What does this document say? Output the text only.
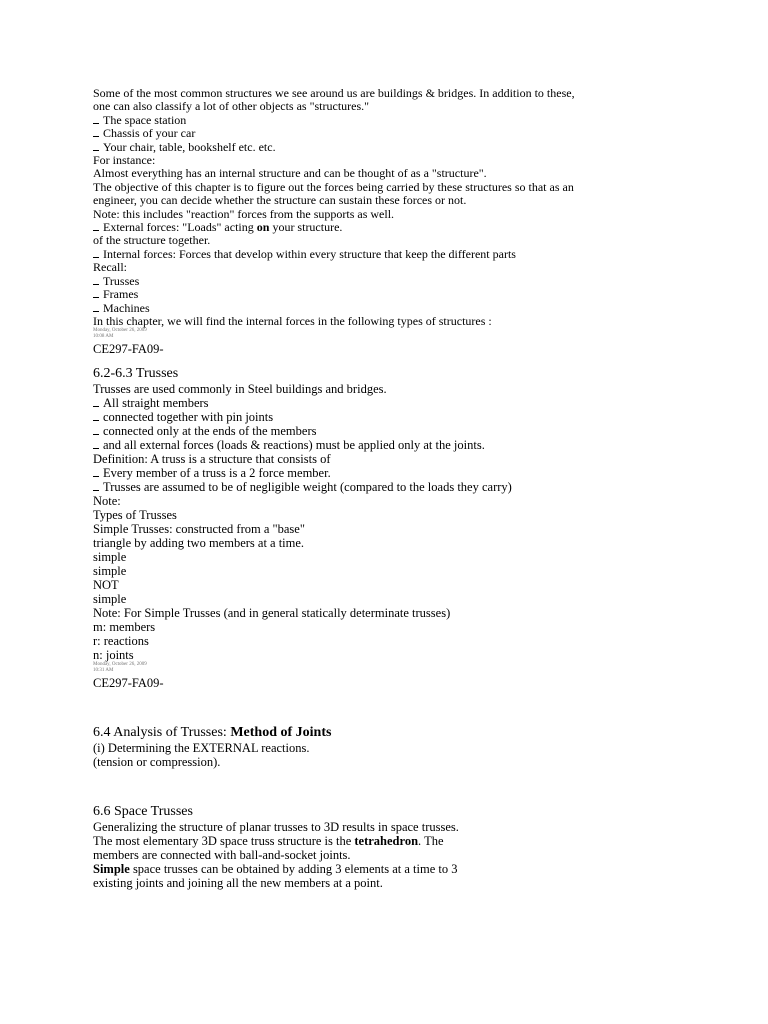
Some of the most common structures we see around us are buildings & bridges. In addition to these,
one can also classify a lot of other objects as "structures."
The space station
Chassis of your car
Your chair, table, bookshelf etc. etc.
For instance:
Almost everything has an internal structure and can be thought of as a "structure".
The objective of this chapter is to figure out the forces being carried by these structures so that as an
engineer, you can decide whether the structure can sustain these forces or not.
Note: this includes "reaction" forces from the supports as well.
External forces: "Loads" acting on your structure.
of the structure together.
Internal forces: Forces that develop within every structure that keep the different parts
Recall:
Trusses
Frames
Machines
In this chapter, we will find the internal forces in the following types of structures :
Monday, October 26, 2009
10:08 AM
CE297-FA09-
6.2-6.3 Trusses
Trusses are used commonly in Steel buildings and bridges.
All straight members
connected together with pin joints
connected only at the ends of the members
and all external forces (loads & reactions) must be applied only at the joints.
Definition: A truss is a structure that consists of
Every member of a truss is a 2 force member.
Trusses are assumed to be of negligible weight (compared to the loads they carry)
Note:
Types of Trusses
Simple Trusses: constructed from a "base"
triangle by adding two members at a time.
simple
simple
NOT
simple
Note: For Simple Trusses (and in general statically determinate trusses)
m: members
r: reactions
n: joints
Monday, October 26, 2009
10:31 AM
CE297-FA09-
6.4 Analysis of Trusses: Method of Joints
(i) Determining the EXTERNAL reactions.
(tension or compression).
6.6 Space Trusses
Generalizing the structure of planar trusses to 3D results in space trusses.
The most elementary 3D space truss structure is the tetrahedron. The
members are connected with ball-and-socket joints.
Simple space trusses can be obtained by adding 3 elements at a time to 3
existing joints and joining all the new members at a point.
